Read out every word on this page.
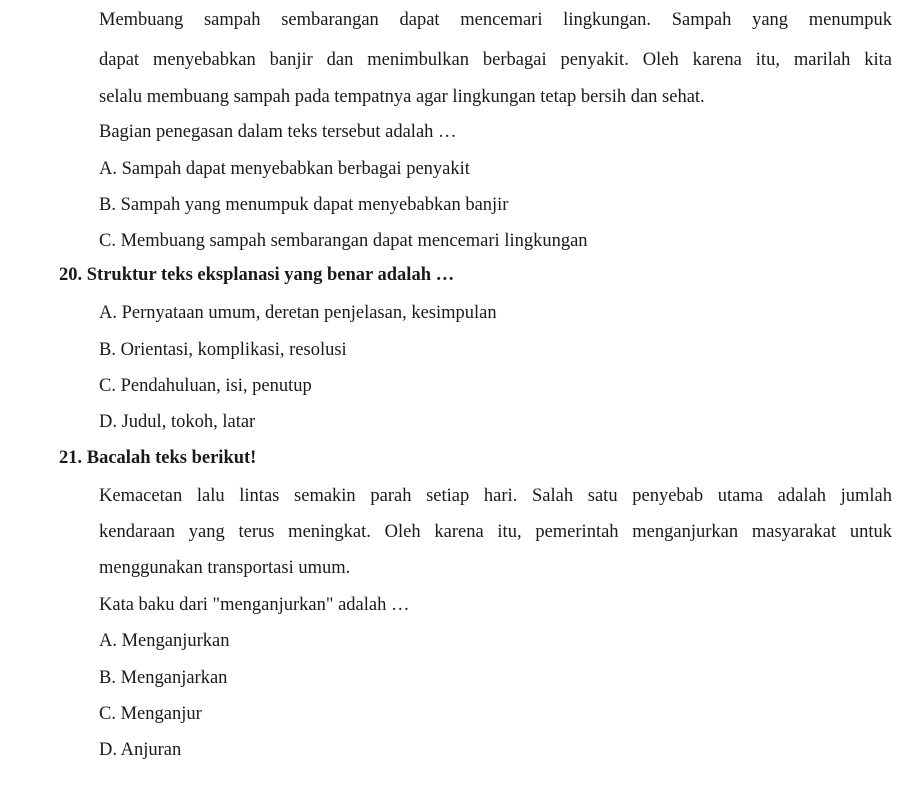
Membuang sampah sembarangan dapat mencemari lingkungan. Sampah yang menumpuk
dapat menyebabkan banjir dan menimbulkan berbagai penyakit. Oleh karena itu, marilah kita
selalu membuang sampah pada tempatnya agar lingkungan tetap bersih dan sehat.
Bagian penegasan dalam teks tersebut adalah …
A. Sampah dapat menyebabkan berbagai penyakit
B. Sampah yang menumpuk dapat menyebabkan banjir
C. Membuang sampah sembarangan dapat mencemari lingkungan
20. Struktur teks eksplanasi yang benar adalah …
A. Pernyataan umum, deretan penjelasan, kesimpulan
B. Orientasi, komplikasi, resolusi
C. Pendahuluan, isi, penutup
D. Judul, tokoh, latar
21. Bacalah teks berikut!
Kemacetan lalu lintas semakin parah setiap hari. Salah satu penyebab utama adalah jumlah
kendaraan yang terus meningkat. Oleh karena itu, pemerintah menganjurkan masyarakat untuk
menggunakan transportasi umum.
Kata baku dari "menganjurkan" adalah …
A. Menganjurkan
B. Menganjarkan
C. Menganjur
D. Anjuran
